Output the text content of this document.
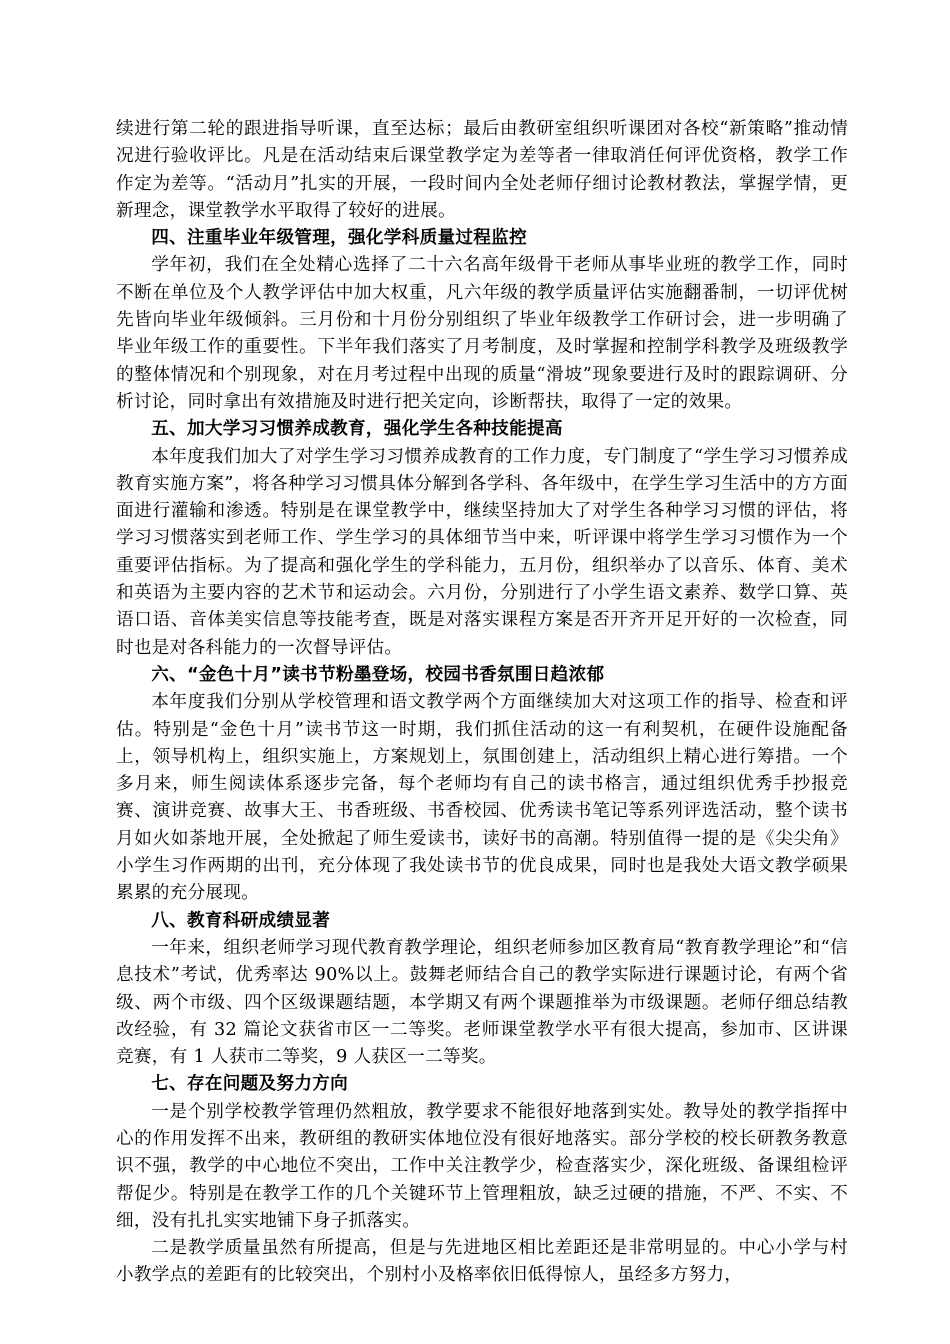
续进行第二轮的跟进指导听课，直至达标；最后由教研室组织听课团对各校“新策略”推动情况进行验收评比。凡是在活动结束后课堂教学定为差等者一律取消任何评优资格，教学工作作定为差等。“活动月”扎实的开展，一段时间内全处老师仔细讨论教材教法，掌握学情，更新理念，课堂教学水平取得了较好的进展。

四、注重毕业年级管理，强化学科质量过程监控

学年初，我们在全处精心选择了二十六名高年级骨干老师从事毕业班的教学工作，同时不断在单位及个人教学评估中加大权重，凡六年级的教学质量评估实施翻番制，一切评优树先皆向毕业年级倾斜。三月份和十月份分别组织了毕业年级教学工作研讨会，进一步明确了毕业年级工作的重要性。下半年我们落实了月考制度，及时掌握和控制学科教学及班级教学的整体情况和个别现象，对在月考过程中出现的质量“滑坡”现象要进行及时的跟踪调研、分析讨论，同时拿出有效措施及时进行把关定向，诊断帮扶，取得了一定的效果。

五、加大学习习惯养成教育，强化学生各种技能提高

本年度我们加大了对学生学习习惯养成教育的工作力度，专门制度了“学生学习习惯养成教育实施方案”，将各种学习习惯具体分解到各学科、各年级中，在学生学习生活中的方方面面进行灌输和渗透。特别是在课堂教学中，继续坚持加大了对学生各种学习习惯的评估，将学习习惯落实到老师工作、学生学习的具体细节当中来，听评课中将学生学习习惯作为一个重要评估指标。为了提高和强化学生的学科能力，五月份，组织举办了以音乐、体育、美术和英语为主要内容的艺术节和运动会。六月份，分别进行了小学生语文素养、数学口算、英语口语、音体美实信息等技能考查，既是对落实课程方案是否开齐开足开好的一次检查，同时也是对各科能力的一次督导评估。

六、“金色十月”读书节粉墨登场，校园书香氛围日趋浓郁

本年度我们分别从学校管理和语文教学两个方面继续加大对这项工作的指导、检查和评估。特别是“金色十月”读书节这一时期，我们抓住活动的这一有利契机，在硬件设施配备上，领导机构上，组织实施上，方案规划上，氛围创建上，活动组织上精心进行筹措。一个多月来，师生阅读体系逐步完备，每个老师均有自己的读书格言，通过组织优秀手抄报竞赛、演讲竞赛、故事大王、书香班级、书香校园、优秀读书笔记等系列评选活动，整个读书月如火如荼地开展，全处掀起了师生爱读书，读好书的高潮。特别值得一提的是《尖尖角》小学生习作两期的出刊，充分体现了我处读书节的优良成果，同时也是我处大语文教学硕果累累的充分展现。

八、教育科研成绩显著

一年来，组织老师学习现代教育教学理论，组织老师参加区教育局“教育教学理论”和“信息技术”考试，优秀率达 90%以上。鼓舞老师结合自己的教学实际进行课题讨论，有两个省级、两个市级、四个区级课题结题，本学期又有两个课题推举为市级课题。老师仔细总结教改经验，有 32 篇论文获省市区一二等奖。老师课堂教学水平有很大提高，参加市、区讲课竞赛，有 1 人获市二等奖，9 人获区一二等奖。

七、存在问题及努力方向

一是个别学校教学管理仍然粗放，教学要求不能很好地落到实处。教导处的教学指挥中心的作用发挥不出来，教研组的教研实体地位没有很好地落实。部分学校的校长研教务教意识不强，教学的中心地位不突出，工作中关注教学少，检查落实少，深化班级、备课组检评帮促少。特别是在教学工作的几个关键环节上管理粗放，缺乏过硬的措施，不严、不实、不细，没有扎扎实实地铺下身子抓落实。

二是教学质量虽然有所提高，但是与先进地区相比差距还是非常明显的。中心小学与村小教学点的差距有的比较突出，个别村小及格率依旧低得惊人，虽经多方努力，
